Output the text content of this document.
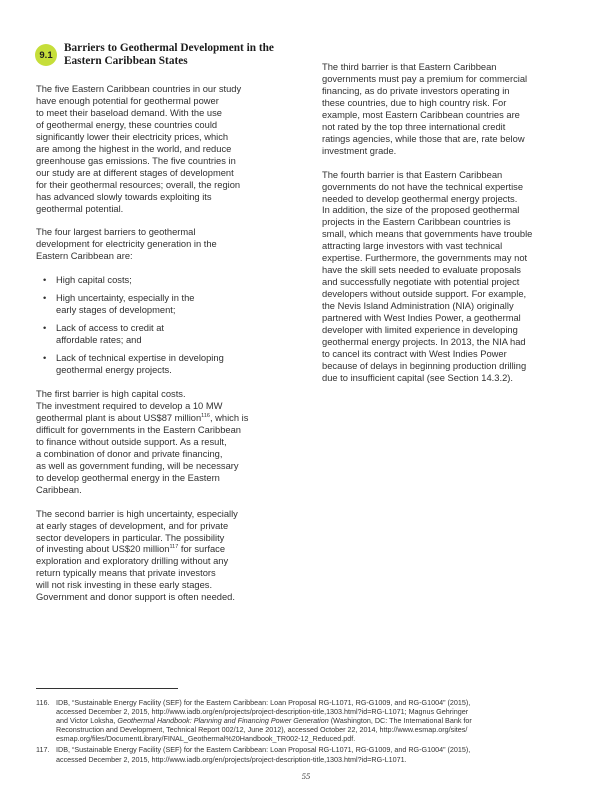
9.1
Barriers to Geothermal Development in the
Eastern Caribbean States

The five Eastern Caribbean countries in our study
have enough potential for geothermal power
to meet their baseload demand. With the use
of geothermal energy, these countries could
significantly lower their electricity prices, which
are among the highest in the world, and reduce
greenhouse gas emissions. The five countries in
our study are at different stages of development
for their geothermal resources; overall, the region
has advanced slowly towards exploiting its
geothermal potential.

The four largest barriers to geothermal
development for electricity generation in the
Eastern Caribbean are:

• High capital costs;
• High uncertainty, especially in the
early stages of development;
• Lack of access to credit at
affordable rates; and
• Lack of technical expertise in developing
geothermal energy projects.

The first barrier is high capital costs.
The investment required to develop a 10 MW
geothermal plant is about US$87 million$^{116}$, which is
difficult for governments in the Eastern Caribbean
to finance without outside support. As a result,
a combination of donor and private financing,
as well as government funding, will be necessary
to develop geothermal energy in the Eastern
Caribbean.

The second barrier is high uncertainty, especially
at early stages of development, and for private
sector developers in particular. The possibility
of investing about US$20 million$^{117}$ for surface
exploration and exploratory drilling without any
return typically means that private investors
will not risk investing in these early stages.
Government and donor support is often needed.

The third barrier is that Eastern Caribbean
governments must pay a premium for commercial
financing, as do private investors operating in
these countries, due to high country risk. For
example, most Eastern Caribbean countries are
not rated by the top three international credit
ratings agencies, while those that are, rate below
investment grade.

The fourth barrier is that Eastern Caribbean
governments do not have the technical expertise
needed to develop geothermal energy projects.
In addition, the size of the proposed geothermal
projects in the Eastern Caribbean countries is
small, which means that governments have trouble
attracting large investors with vast technical
expertise. Furthermore, the governments may not
have the skill sets needed to evaluate proposals
and successfully negotiate with potential project
developers without outside support. For example,
the Nevis Island Administration (NIA) originally
partnered with West Indies Power, a geothermal
developer with limited experience in developing
geothermal energy projects. In 2013, the NIA had
to cancel its contract with West Indies Power
because of delays in beginning production drilling
due to insufficient capital (see Section 14.3.2).

116. IDB, “Sustainable Energy Facility (SEF) for the Eastern Caribbean: Loan Proposal RG-L1071, RG-G1009, and RG-G1004” (2015),
accessed December 2, 2015, http://www.iadb.org/en/projects/project-description-title,1303.html?id=RG-L1071; Magnus Gehringer
and Victor Loksha, Geothermal Handbook: Planning and Financing Power Generation (Washington, DC: The International Bank for
Reconstruction and Development, Technical Report 002/12, June 2012), accessed October 22, 2014, http://www.esmap.org/sites/
esmap.org/files/DocumentLibrary/FINAL_Geothermal%20Handbook_TR002-12_Reduced.pdf.
117. IDB, “Sustainable Energy Facility (SEF) for the Eastern Caribbean: Loan Proposal RG-L1071, RG-G1009, and RG-G1004” (2015),
accessed December 2, 2015, http://www.iadb.org/en/projects/project-description-title,1303.html?id=RG-L1071.
55
